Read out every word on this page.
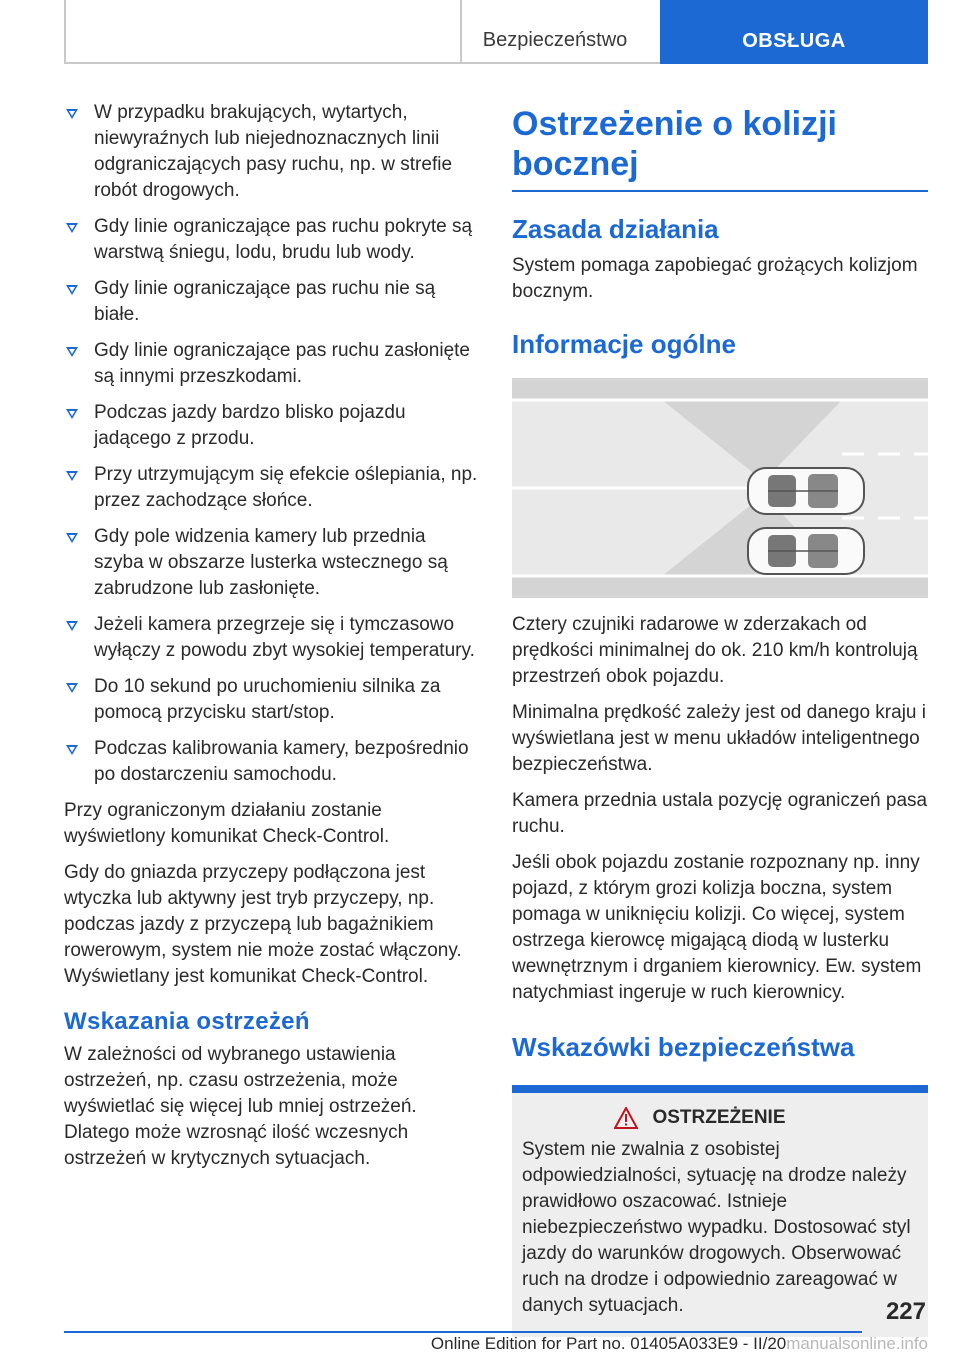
Bezpieczeństwo	OBSŁUGA
W przypadku brakujących, wytartych, niewyraźnych lub niejednoznacznych linii odgraniczających pasy ruchu, np. w strefie robót drogowych.
Gdy linie ograniczające pas ruchu pokryte są warstwą śniegu, lodu, brudu lub wody.
Gdy linie ograniczające pas ruchu nie są białe.
Gdy linie ograniczające pas ruchu zasłonięte są innymi przeszkodami.
Podczas jazdy bardzo blisko pojazdu jadącego z przodu.
Przy utrzymującym się efekcie oślepiania, np. przez zachodzące słońce.
Gdy pole widzenia kamery lub przednia szyba w obszarze lusterka wstecznego są zabrudzone lub zasłonięte.
Jeżeli kamera przegrzeje się i tymczasowo wyłączy z powodu zbyt wysokiej temperatury.
Do 10 sekund po uruchomieniu silnika za pomocą przycisku start/stop.
Podczas kalibrowania kamery, bezpośrednio po dostarczeniu samochodu.

Przy ograniczonym działaniu zostanie wyświetlony komunikat Check-Control.

Gdy do gniazda przyczepy podłączona jest wtyczka lub aktywny jest tryb przyczepy, np. podczas jazdy z przyczepą lub bagażnikiem rowerowym, system nie może zostać włączony. Wyświetlany jest komunikat Check-Control.

Wskazania ostrzeżeń

W zależności od wybranego ustawienia ostrzeżeń, np. czasu ostrzeżenia, może wyświetlać się więcej lub mniej ostrzeżeń. Dlatego może wzrosnąć ilość wczesnych ostrzeżeń w krytycznych sytuacjach.

Ostrzeżenie o kolizji bocznej
Zasada działania

System pomaga zapobiegać grożących kolizjom bocznym.

Informacje ogólne

Cztery czujniki radarowe w zderzakach od prędkości minimalnej do ok. 210 km/h kontrolują przestrzeń obok pojazdu.

Minimalna prędkość zależy jest od danego kraju i wyświetlana jest w menu układów inteligentnego bezpieczeństwa.

Kamera przednia ustala pozycję ograniczeń pasa ruchu.

Jeśli obok pojazdu zostanie rozpoznany np. inny pojazd, z którym grozi kolizja boczna, system pomaga w uniknięciu kolizji. Co więcej, system ostrzega kierowcę migającą diodą w lusterku wewnętrznym i drganiem kierownicy. Ew. system natychmiast ingeruje w ruch kierownicy.

Wskazówki bezpieczeństwa
OSTRZEŻENIE

System nie zwalnia z osobistej odpowiedzialności, sytuację na drodze należy prawidłowo oszacować. Istnieje niebezpieczeństwo wypadku. Dostosować styl jazdy do warunków drogowych. Obserwować ruch na drodze i odpowiednio zareagować w danych sytuacjach.	227
Online Edition for Part no. 01405A033E9 - II/20manualsonline.info
